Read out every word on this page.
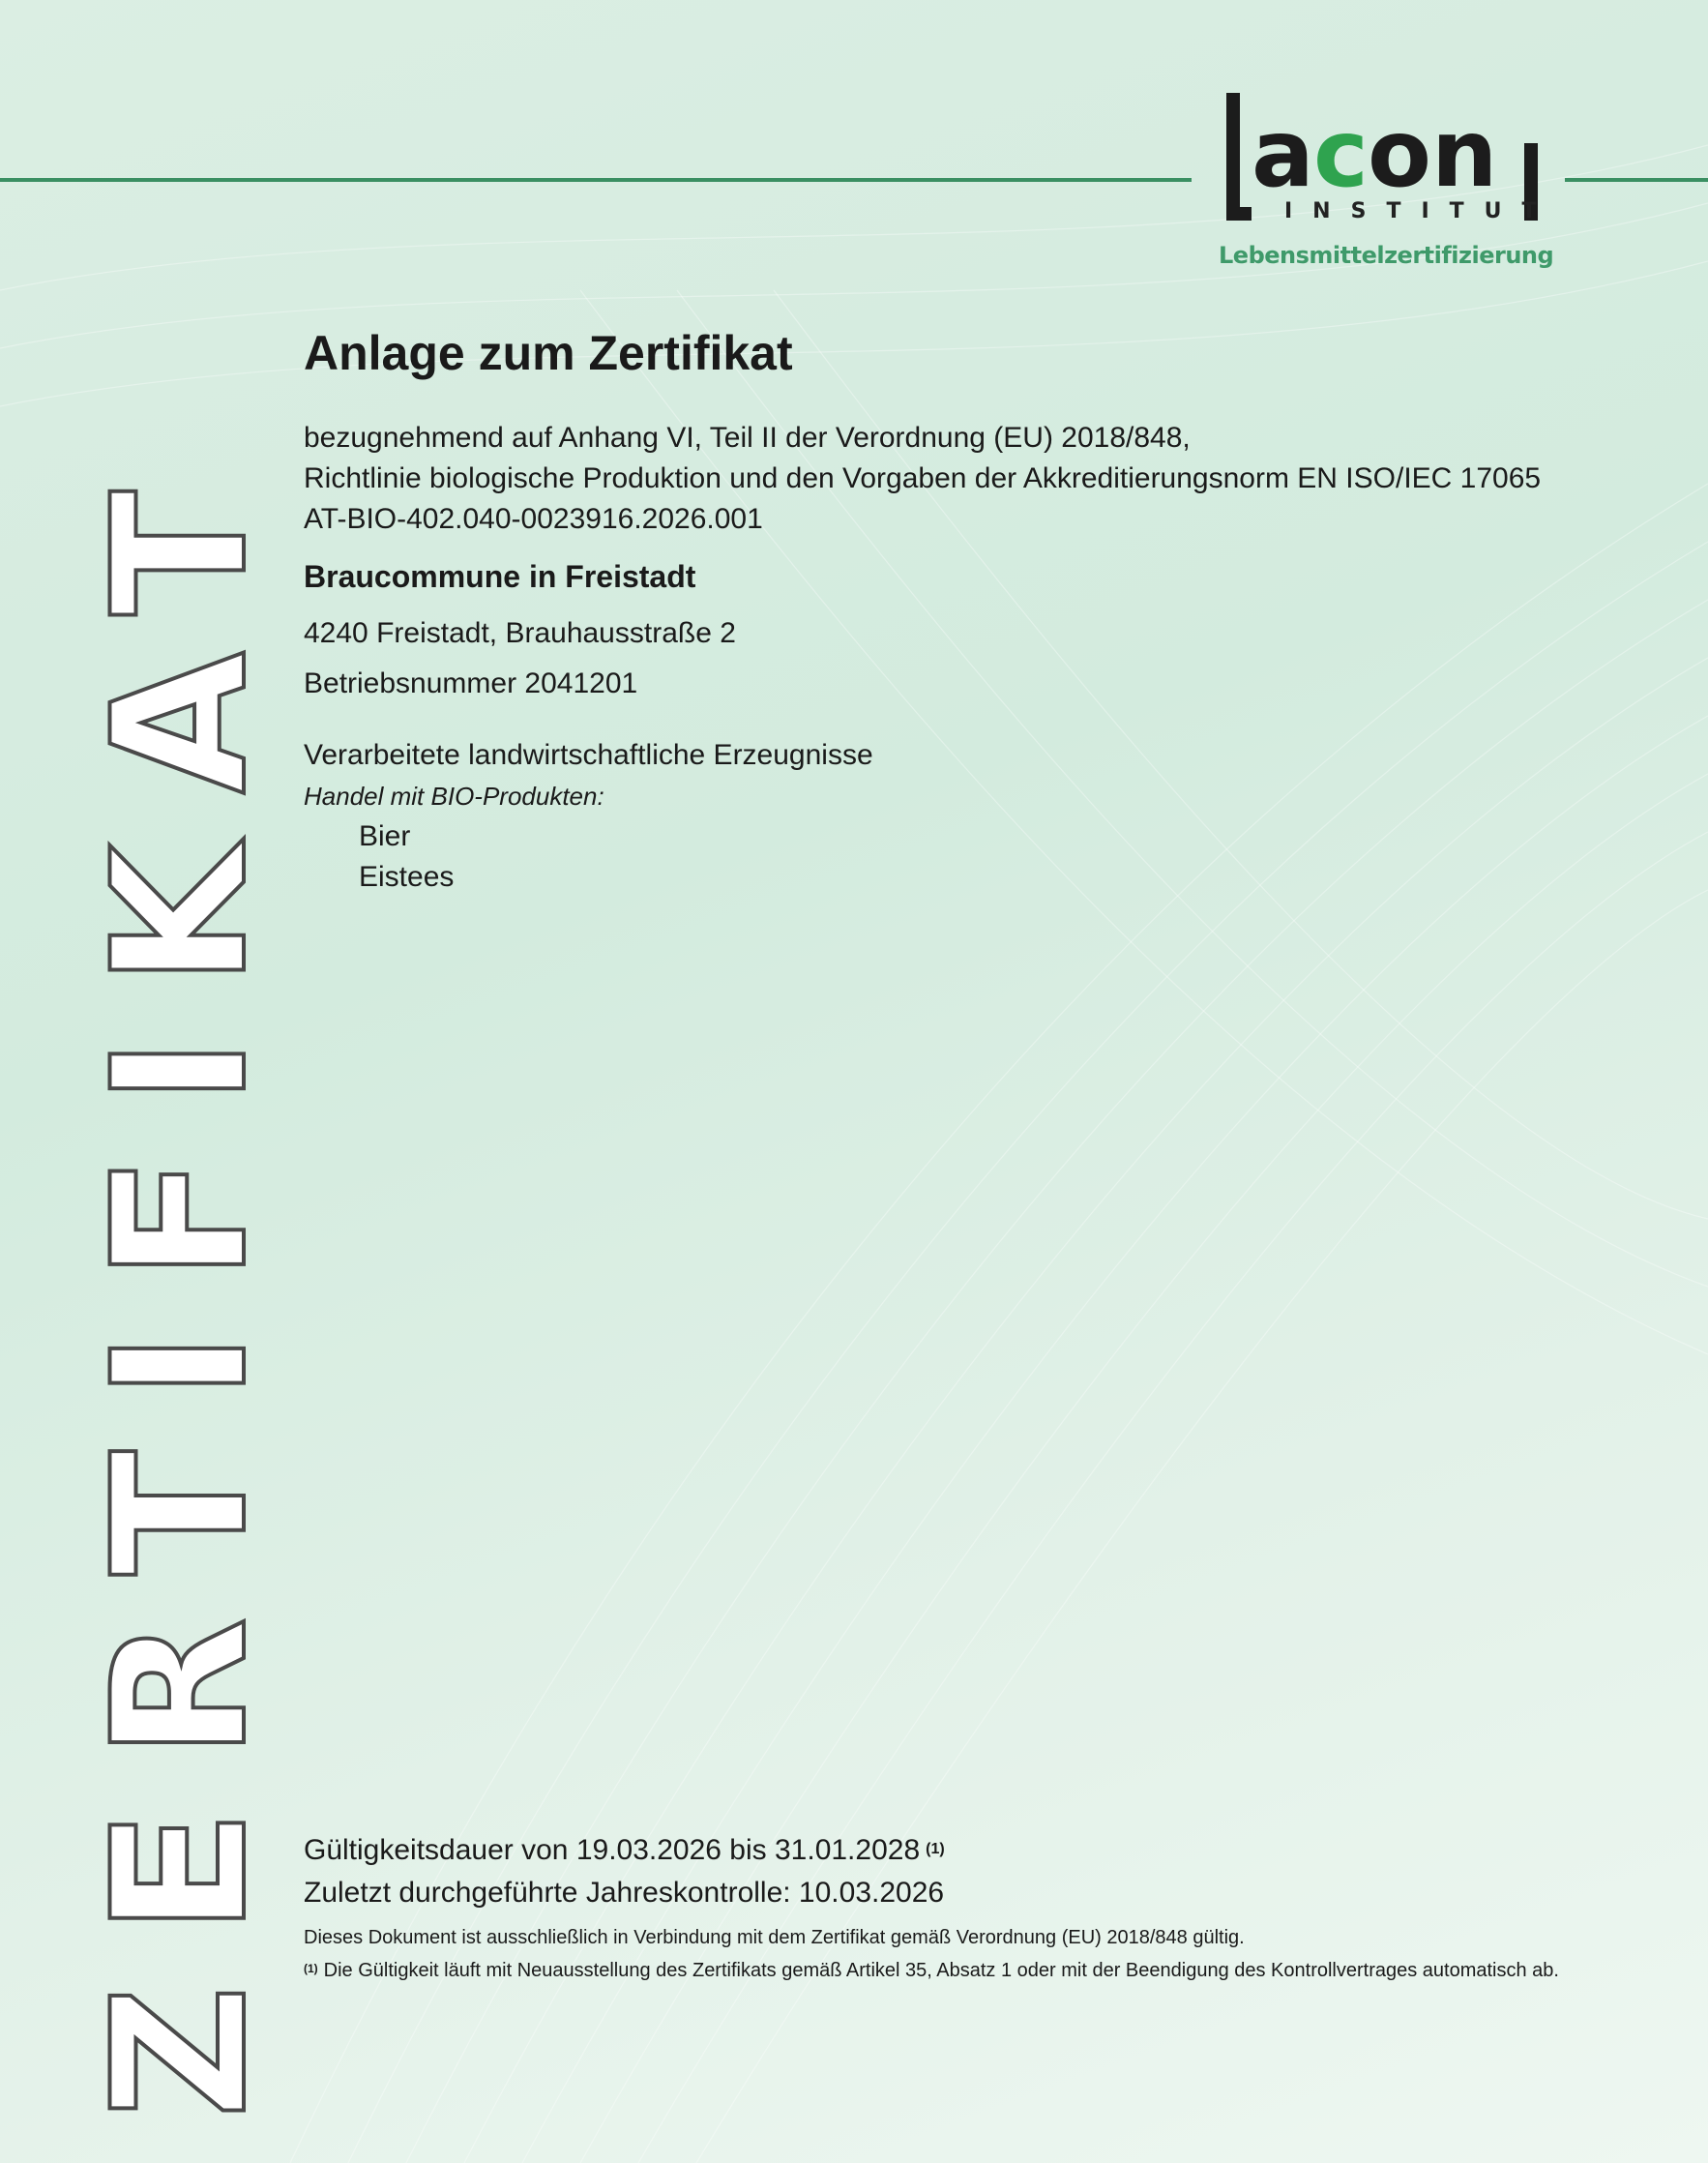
a c on
INSTITUT
Lebensmittelzertifizierung
ZERTIFIKAT
Anlage zum Zertifikat
bezugnehmend auf Anhang VI, Teil II der Verordnung (EU) 2018/848,
Richtlinie biologische Produktion und den Vorgaben der Akkreditierungsnorm EN ISO/IEC 17065
AT-BIO-402.040-0023916.2026.001
Braucommune in Freistadt
4240 Freistadt, Brauhausstraße 2
Betriebsnummer 2041201
Verarbeitete landwirtschaftliche Erzeugnisse
Handel mit BIO-Produkten:
Bier
Eistees
Gültigkeitsdauer von 19.03.2026 bis 31.01.2028 $^{(1)}$
Zuletzt durchgeführte Jahreskontrolle: 10.03.2026
Dieses Dokument ist ausschließlich in Verbindung mit dem Zertifikat gemäß Verordnung (EU) 2018/848 gültig.
$^{(1)}$ Die Gültigkeit läuft mit Neuausstellung des Zertifikats gemäß Artikel 35, Absatz 1 oder mit der Beendigung des Kontrollvertrages automatisch ab.
